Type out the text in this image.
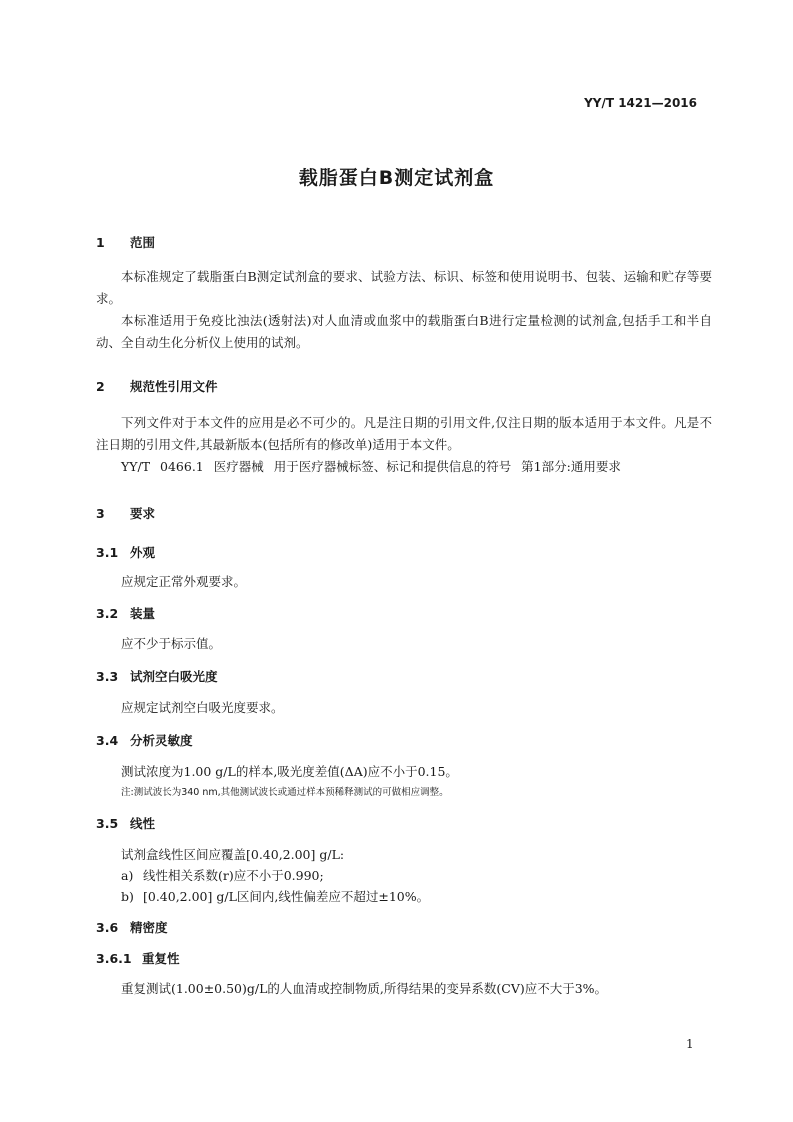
YY/T 1421—2016
载脂蛋白B测定试剂盒
1 范围
本标准规定了载脂蛋白B测定试剂盒的要求、试验方法、标识、标签和使用说明书、包装、运输和贮存等要求。
本标准适用于免疫比浊法(透射法)对人血清或血浆中的载脂蛋白B进行定量检测的试剂盒,包括手工和半自动、全自动生化分析仪上使用的试剂。
2 规范性引用文件
下列文件对于本文件的应用是必不可少的。凡是注日期的引用文件,仅注日期的版本适用于本文件。凡是不注日期的引用文件,其最新版本(包括所有的修改单)适用于本文件。
YY/T 0466.1 医疗器械 用于医疗器械标签、标记和提供信息的符号 第1部分:通用要求
3 要求
3.1 外观
应规定正常外观要求。
3.2 装量
应不少于标示值。
3.3 试剂空白吸光度
应规定试剂空白吸光度要求。
3.4 分析灵敏度
测试浓度为1.00 g/L的样本,吸光度差值(ΔA)应不小于0.15。
注:测试波长为340 nm,其他测试波长或通过样本预稀释测试的可做相应调整。
3.5 线性
试剂盒线性区间应覆盖[0.40,2.00] g/L:
a) 线性相关系数(r)应不小于0.990;
b) [0.40,2.00] g/L区间内,线性偏差应不超过±10%。
3.6 精密度
3.6.1 重复性
重复测试(1.00±0.50)g/L的人血清或控制物质,所得结果的变异系数(CV)应不大于3%。
1
